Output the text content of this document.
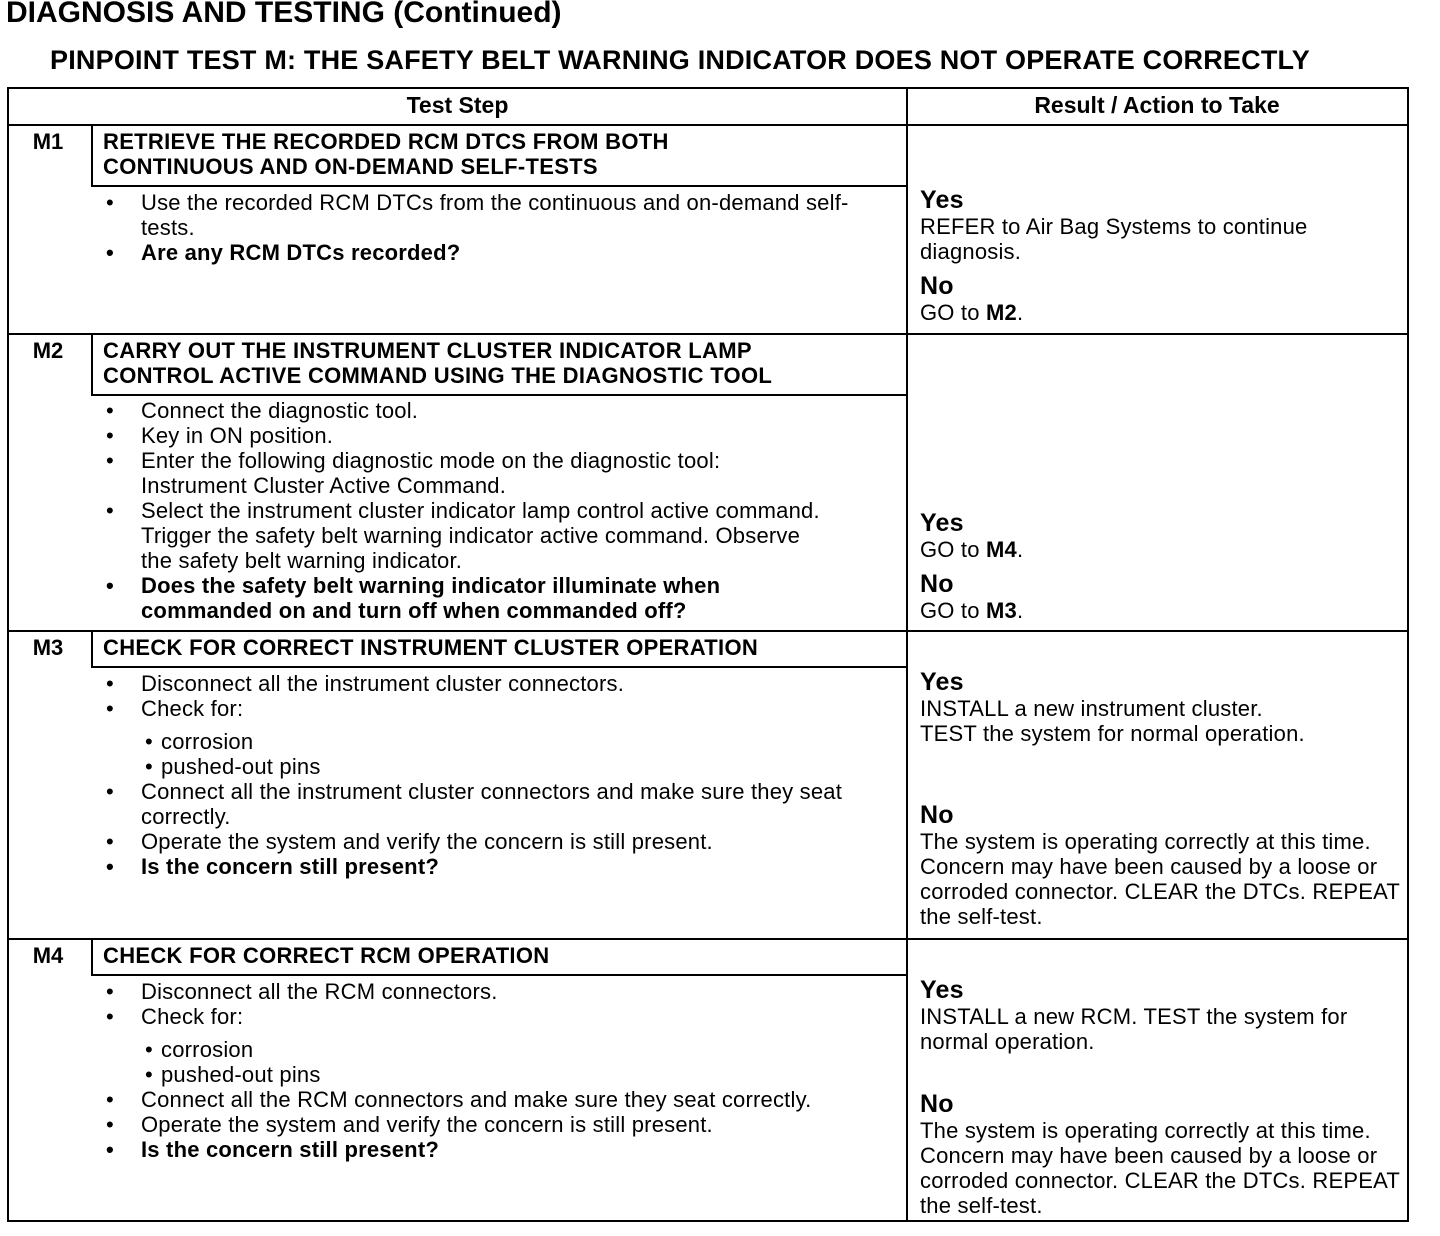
DIAGNOSIS AND TESTING (Continued)
PINPOINT TEST M: THE SAFETY BELT WARNING INDICATOR DOES NOT OPERATE CORRECTLY
Test Step	Result / Action to Take
M1	RETRIEVE THE RECORDED RCM DTCS FROM BOTH
CONTINUOUS AND ON-DEMAND SELF-TESTS
• Use the recorded RCM DTCs from the continuous and on-demand self-tests.
• Are any RCM DTCs recorded?
Yes
REFER to Air Bag Systems to continue diagnosis.
No
GO to M2.
M2	CARRY OUT THE INSTRUMENT CLUSTER INDICATOR LAMP
CONTROL ACTIVE COMMAND USING THE DIAGNOSTIC TOOL
• Connect the diagnostic tool.
• Key in ON position.
• Enter the following diagnostic mode on the diagnostic tool: Instrument Cluster Active Command.
• Select the instrument cluster indicator lamp control active command. Trigger the safety belt warning indicator active command. Observe the safety belt warning indicator.
• Does the safety belt warning indicator illuminate when commanded on and turn off when commanded off?
Yes
GO to M4.
No
GO to M3.
M3	CHECK FOR CORRECT INSTRUMENT CLUSTER OPERATION
• Disconnect all the instrument cluster connectors.
• Check for:
• corrosion
• pushed-out pins
• Connect all the instrument cluster connectors and make sure they seat correctly.
• Operate the system and verify the concern is still present.
• Is the concern still present?
Yes
INSTALL a new instrument cluster.
TEST the system for normal operation.
No
The system is operating correctly at this time. Concern may have been caused by a loose or corroded connector. CLEAR the DTCs. REPEAT the self-test.
M4	CHECK FOR CORRECT RCM OPERATION
• Disconnect all the RCM connectors.
• Check for:
• corrosion
• pushed-out pins
• Connect all the RCM connectors and make sure they seat correctly.
• Operate the system and verify the concern is still present.
• Is the concern still present?
Yes
INSTALL a new RCM. TEST the system for normal operation.
No
The system is operating correctly at this time. Concern may have been caused by a loose or corroded connector. CLEAR the DTCs. REPEAT the self-test.
